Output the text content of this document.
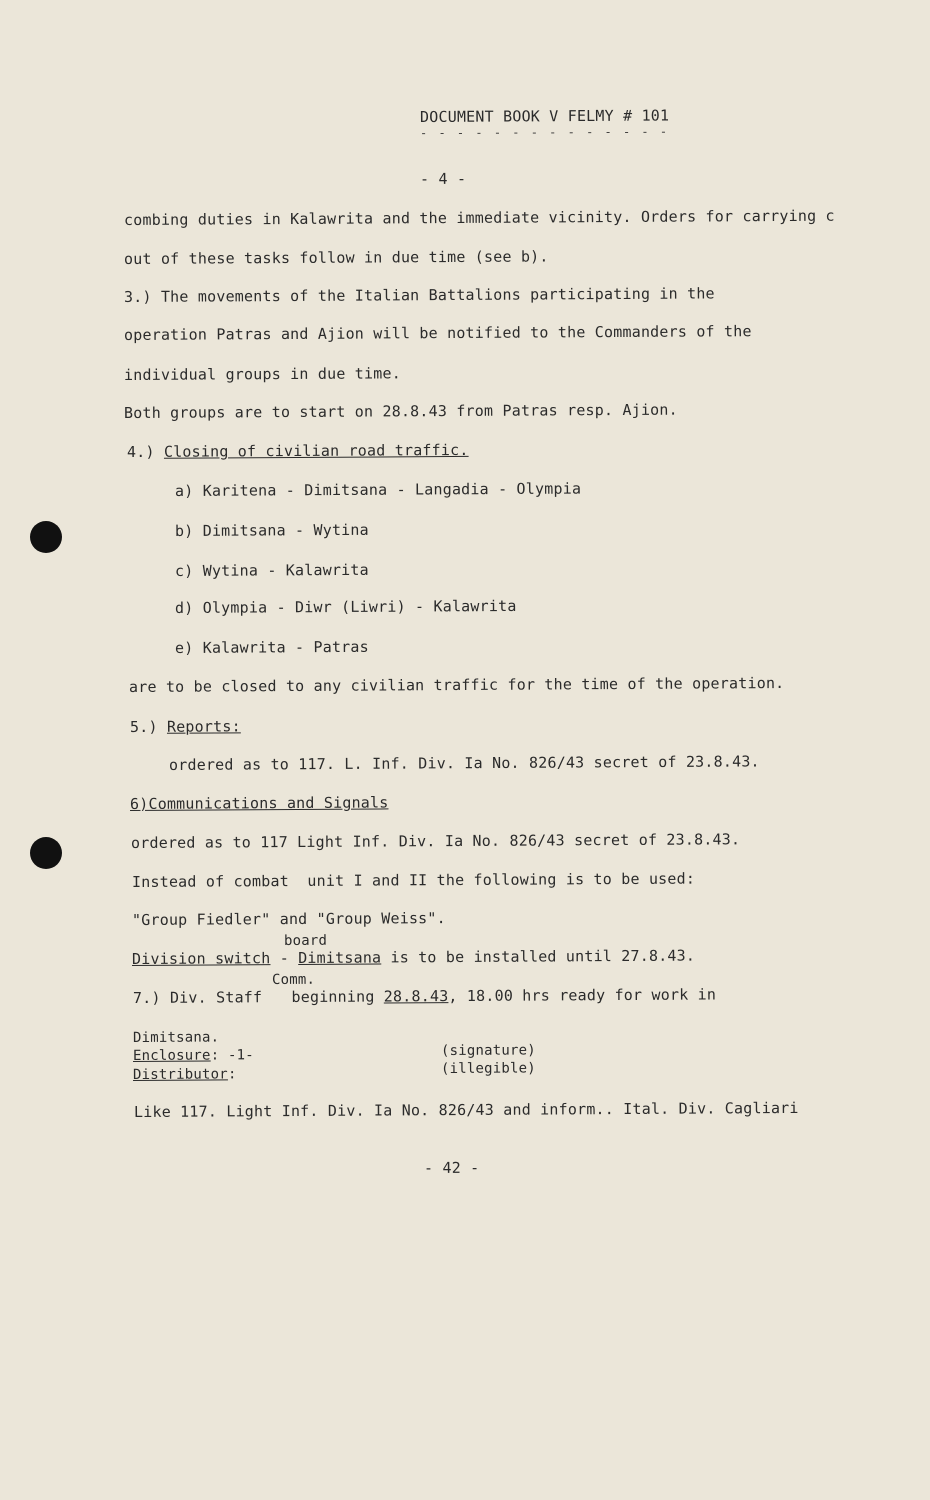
DOCUMENT BOOK V FELMY # 101
- - - - - - - - - - - - - -
- 4 -
combing duties in Kalawrita and the immediate vicinity. Orders for carrying c
out of these tasks follow in due time (see b).
3.) The movements of the Italian Battalions participating in the
operation Patras and Ajion will be notified to the Commanders of the
individual groups in due time.
Both groups are to start on 28.8.43 from Patras resp. Ajion.
4.) Closing of civilian road traffic.
a) Karitena - Dimitsana - Langadia - Olympia
b) Dimitsana - Wytina
c) Wytina - Kalawrita
d) Olympia - Diwr (Liwri) - Kalawrita
e) Kalawrita - Patras
are to be closed to any civilian traffic for the time of the operation.
5.) Reports:
ordered as to 117. L. Inf. Div. Ia No. 826/43 secret of 23.8.43.
6)Communications and Signals
ordered as to 117 Light Inf. Div. Ia No. 826/43 secret of 23.8.43.
Instead of combat  unit I and II the following is to be used:
"Group Fiedler" and "Group Weiss".
board
Division switch - Dimitsana is to be installed until 27.8.43.
Comm.
7.) Div. Staff beginning 28.8.43, 18.00 hrs ready for work in
Dimitsana.
Enclosure: -1-
Distributor:
(signature)
(illegible)
Like 117. Light Inf. Div. Ia No. 826/43 and inform.. Ital. Div. Cagliari
- 42 -
